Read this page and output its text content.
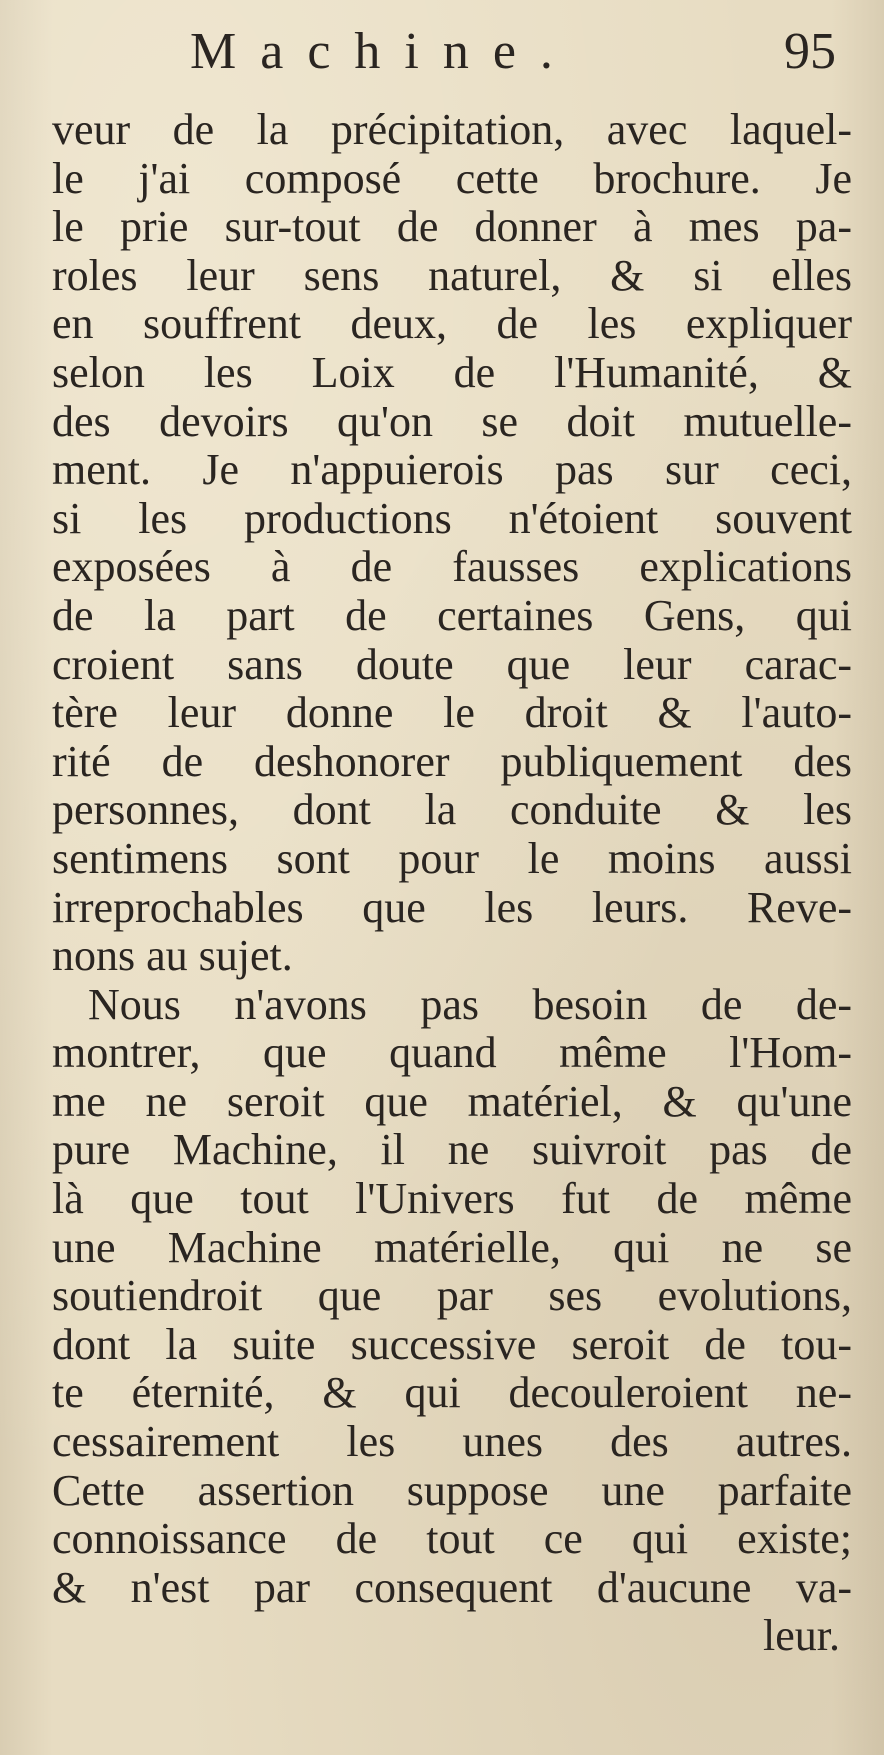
Machine.	95
veur de la précipitation, avec laquel-
le j'ai composé cette brochure. Je
le prie sur-tout de donner à mes pa-
roles leur sens naturel, & si elles
en souffrent deux, de les expliquer
selon les Loix de l'Humanité, &
des devoirs qu'on se doit mutuelle-
ment. Je n'appuierois pas sur ceci,
si les productions n'étoient souvent
exposées à de fausses explications
de la part de certaines Gens, qui
croient sans doute que leur carac-
tère leur donne le droit & l'auto-
rité de deshonorer publiquement des
personnes, dont la conduite & les
sentimens sont pour le moins aussi
irreprochables que les leurs. Reve-
nons au sujet.
Nous n'avons pas besoin de de-
montrer, que quand même l'Hom-
me ne seroit que matériel, & qu'une
pure Machine, il ne suivroit pas de
là que tout l'Univers fut de même
une Machine matérielle, qui ne se
soutiendroit que par ses evolutions,
dont la suite successive seroit de tou-
te éternité, & qui decouleroient ne-
cessairement les unes des autres.
Cette assertion suppose une parfaite
connoissance de tout ce qui existe;
& n'est par consequent d'aucune va-
leur.
